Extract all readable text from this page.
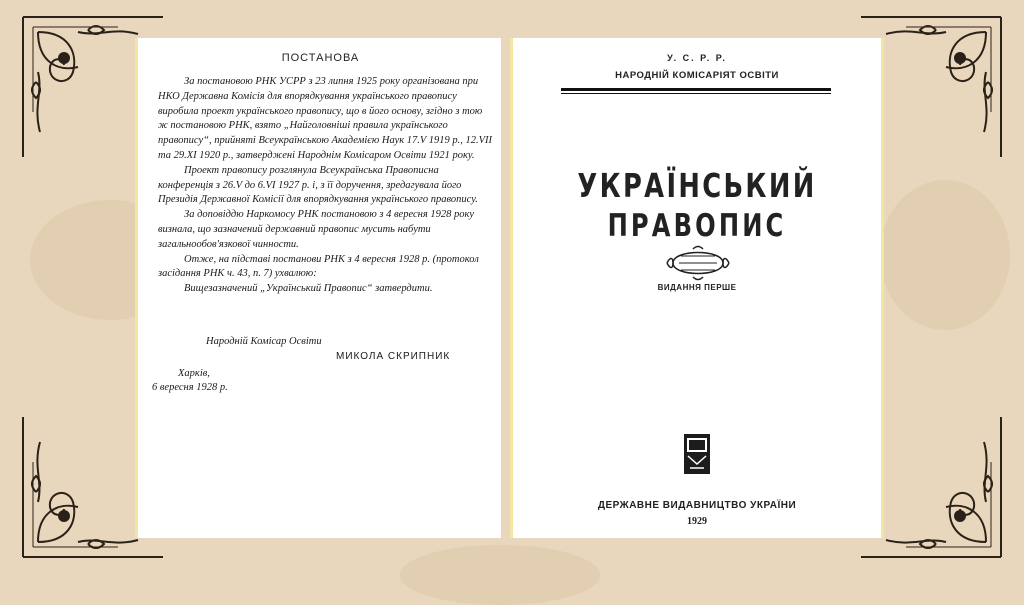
ПОСТАНОВА

За постановою РНК УСРР з 23 липня 1925 року організована при НКО Державна Комісія для впорядкування українського правопису виробила проект українського правопису, що в його основу, згідно з тою ж постановою РНК, взято „Найголовніші правила українського правопису“, прийняті Всеукраїнською Академією Наук 17.V 1919 р., 12.VII та 29.XI 1920 р., затверджені Народнім Комісаром Освіти 1921 року.

Проект правопису розглянула Всеукраїнська Правописна конференція з 26.V до 6.VI 1927 р. і, з її доручення, зредагувала його Президія Державної Комісії для впорядкування українського правопису.

За доповіддю Наркомосу РНК постановою з 4 вересня 1928 року визнала, що зазначений державний правопис мусить набути загальнообов'язкової чинности.

Отже, на підставі постанови РНК з 4 вересня 1928 р. (протокол засідання РНК ч. 43, п. 7) ухвалюю:

Вищезазначений „Український Правопис“ затвердити.

Народній Комісар Освіти
МИКОЛА СКРИПНИК
Харків,
6 вересня 1928 р.
У. С. Р. Р.
НАРОДНІЙ КОМІСАРІЯТ ОСВІТИ
УКРАЇНСЬКИЙ
ПРАВОПИС
ВИДАННЯ ПЕРШЕ
ДЕРЖАВНЕ ВИДАВНИЦТВО УКРАЇНИ
1929
